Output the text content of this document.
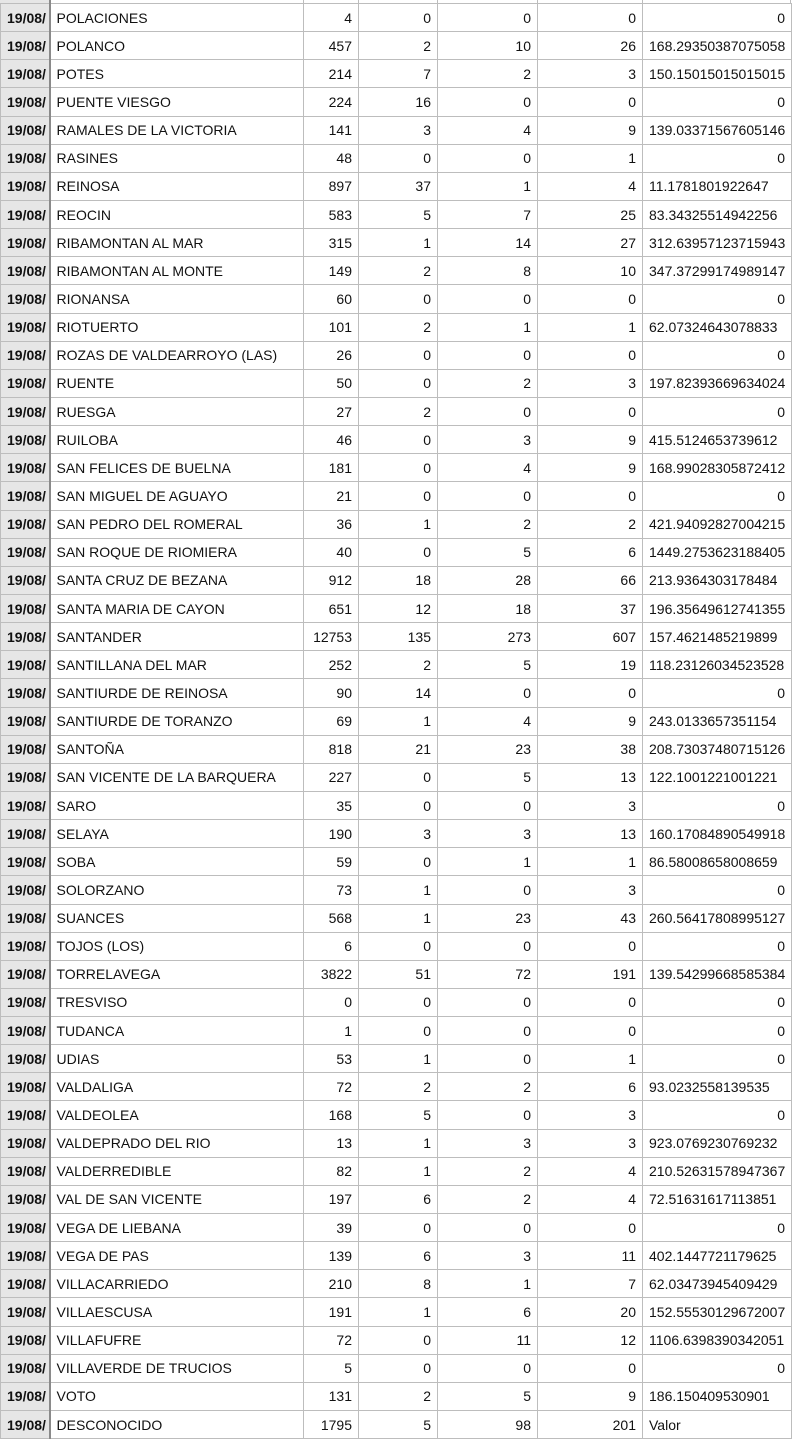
19/08/	POLACIONES	4	0	0	0	0
19/08/	POLANCO	457	2	10	26	168.29350387075058
19/08/	POTES	214	7	2	3	150.15015015015015
19/08/	PUENTE VIESGO	224	16	0	0	0
19/08/	RAMALES DE LA VICTORIA	141	3	4	9	139.03371567605146
19/08/	RASINES	48	0	0	1	0
19/08/	REINOSA	897	37	1	4	11.1781801922647
19/08/	REOCIN	583	5	7	25	83.34325514942256
19/08/	RIBAMONTAN AL MAR	315	1	14	27	312.63957123715943
19/08/	RIBAMONTAN AL MONTE	149	2	8	10	347.37299174989147
19/08/	RIONANSA	60	0	0	0	0
19/08/	RIOTUERTO	101	2	1	1	62.07324643078833
19/08/	ROZAS DE VALDEARROYO (LAS)	26	0	0	0	0
19/08/	RUENTE	50	0	2	3	197.82393669634024
19/08/	RUESGA	27	2	0	0	0
19/08/	RUILOBA	46	0	3	9	415.5124653739612
19/08/	SAN FELICES DE BUELNA	181	0	4	9	168.99028305872412
19/08/	SAN MIGUEL DE AGUAYO	21	0	0	0	0
19/08/	SAN PEDRO DEL ROMERAL	36	1	2	2	421.94092827004215
19/08/	SAN ROQUE DE RIOMIERA	40	0	5	6	1449.2753623188405
19/08/	SANTA CRUZ DE BEZANA	912	18	28	66	213.9364303178484
19/08/	SANTA MARIA DE CAYON	651	12	18	37	196.35649612741355
19/08/	SANTANDER	12753	135	273	607	157.4621485219899
19/08/	SANTILLANA DEL MAR	252	2	5	19	118.23126034523528
19/08/	SANTIURDE DE REINOSA	90	14	0	0	0
19/08/	SANTIURDE DE TORANZO	69	1	4	9	243.0133657351154
19/08/	SANTOÑA	818	21	23	38	208.73037480715126
19/08/	SAN VICENTE DE LA BARQUERA	227	0	5	13	122.1001221001221
19/08/	SARO	35	0	0	3	0
19/08/	SELAYA	190	3	3	13	160.17084890549918
19/08/	SOBA	59	0	1	1	86.58008658008659
19/08/	SOLORZANO	73	1	0	3	0
19/08/	SUANCES	568	1	23	43	260.56417808995127
19/08/	TOJOS (LOS)	6	0	0	0	0
19/08/	TORRELAVEGA	3822	51	72	191	139.54299668585384
19/08/	TRESVISO	0	0	0	0	0
19/08/	TUDANCA	1	0	0	0	0
19/08/	UDIAS	53	1	0	1	0
19/08/	VALDALIGA	72	2	2	6	93.0232558139535
19/08/	VALDEOLEA	168	5	0	3	0
19/08/	VALDEPRADO DEL RIO	13	1	3	3	923.0769230769232
19/08/	VALDERREDIBLE	82	1	2	4	210.52631578947367
19/08/	VAL DE SAN VICENTE	197	6	2	4	72.51631617113851
19/08/	VEGA DE LIEBANA	39	0	0	0	0
19/08/	VEGA DE PAS	139	6	3	11	402.1447721179625
19/08/	VILLACARRIEDO	210	8	1	7	62.03473945409429
19/08/	VILLAESCUSA	191	1	6	20	152.55530129672007
19/08/	VILLAFUFRE	72	0	11	12	1106.6398390342051
19/08/	VILLAVERDE DE TRUCIOS	5	0	0	0	0
19/08/	VOTO	131	2	5	9	186.150409530901
19/08/	DESCONOCIDO	1795	5	98	201	Valor
